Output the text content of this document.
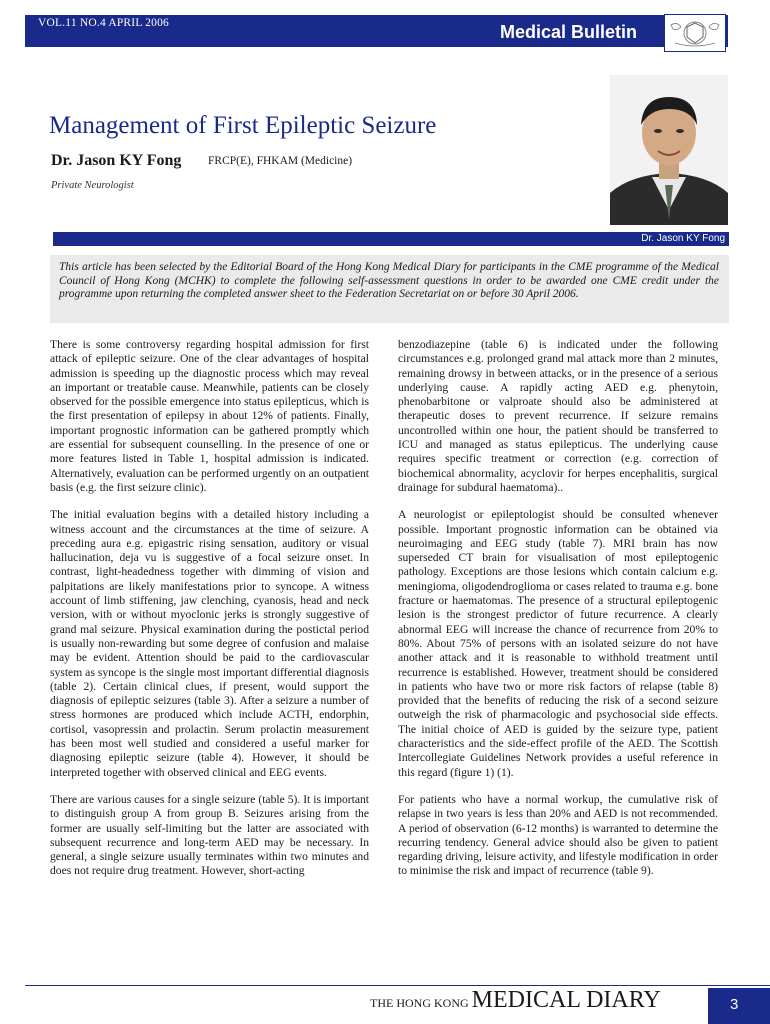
VOL.11 NO.4 APRIL 2006	Medical Bulletin
Management of First Epileptic Seizure
Dr. Jason KY Fong FRCP(E), FHKAM (Medicine)
Private Neurologist
Dr. Jason KY Fong
This article has been selected by the Editorial Board of the Hong Kong Medical Diary for participants in the CME programme of the Medical Council of Hong Kong (MCHK) to complete the following self-assessment questions in order to be awarded one CME credit under the programme upon returning the completed answer sheet to the Federation Secretariat on or before 30 April 2006.

There is some controversy regarding hospital admission for first attack of epileptic seizure. One of the clear advantages of hospital admission is speeding up the diagnostic process which may reveal an important or treatable cause. Meanwhile, patients can be closely observed for the possible emergence into status epilepticus, which is the first presentation of epilepsy in about 12% of patients. Finally, important prognostic information can be gathered promptly which are essential for subsequent counselling. In the presence of one or more features listed in Table 1, hospital admission is indicated. Alternatively, evaluation can be performed urgently on an outpatient basis (e.g. the first seizure clinic).

The initial evaluation begins with a detailed history including a witness account and the circumstances at the time of seizure. A preceding aura e.g. epigastric rising sensation, auditory or visual hallucination, deja vu is suggestive of a focal seizure onset. In contrast, light-headedness together with dimming of vision and palpitations are likely manifestations prior to syncope. A witness account of limb stiffening, jaw clenching, cyanosis, head and neck version, with or without myoclonic jerks is strongly suggestive of grand mal seizure. Physical examination during the postictal period is usually non-rewarding but some degree of confusion and malaise may be evident. Attention should be paid to the cardiovascular system as syncope is the single most important differential diagnosis (table 2). Certain clinical clues, if present, would support the diagnosis of epileptic seizures (table 3). After a seizure a number of stress hormones are produced which include ACTH, endorphin, cortisol, vasopressin and prolactin. Serum prolactin measurement has been most well studied and considered a useful marker for diagnosing epileptic seizure (table 4). However, it should be interpreted together with observed clinical and EEG events.

There are various causes for a single seizure (table 5). It is important to distinguish group A from group B. Seizures arising from the former are usually self-limiting but the latter are associated with subsequent recurrence and long-term AED may be necessary. In general, a single seizure usually terminates within two minutes and does not require drug treatment. However, short-acting

benzodiazepine (table 6) is indicated under the following circumstances e.g. prolonged grand mal attack more than 2 minutes, remaining drowsy in between attacks, or in the presence of a serious underlying cause. A rapidly acting AED e.g. phenytoin, phenobarbitone or valproate should also be administered at therapeutic doses to prevent recurrence. If seizure remains uncontrolled within one hour, the patient should be transferred to ICU and managed as status epilepticus. The underlying cause requires specific treatment or correction (e.g. correction of biochemical abnormality, acyclovir for herpes encephalitis, surgical drainage for subdural haematoma)..

A neurologist or epileptologist should be consulted whenever possible. Important prognostic information can be obtained via neuroimaging and EEG study (table 7). MRI brain has now superseded CT brain for visualisation of most epileptogenic pathology. Exceptions are those lesions which contain calcium e.g. meningioma, oligodendroglioma or cases related to trauma e.g. bone fracture or haematomas. The presence of a structural epileptogenic lesion is the strongest predictor of future recurrence. A clearly abnormal EEG will increase the chance of recurrence from 20% to 80%. About 75% of persons with an isolated seizure do not have another attack and it is reasonable to withhold treatment until recurrence is established. However, treatment should be considered in patients who have two or more risk factors of relapse (table 8) provided that the benefits of reducing the risk of a second seizure outweigh the risk of pharmacologic and psychosocial side effects. The initial choice of AED is guided by the seizure type, patient characteristics and the side-effect profile of the AED. The Scottish Intercollegiate Guidelines Network provides a useful reference in this regard (figure 1) (1).

For patients who have a normal workup, the cumulative risk of relapse in two years is less than 20% and AED is not recommended. A period of observation (6-12 months) is warranted to determine the recurring tendency. General advice should also be given to patient regarding driving, leisure activity, and lifestyle modification in order to minimise the risk and impact of recurrence (table 9).

THE HONG KONG MEDICAL DIARY	3
